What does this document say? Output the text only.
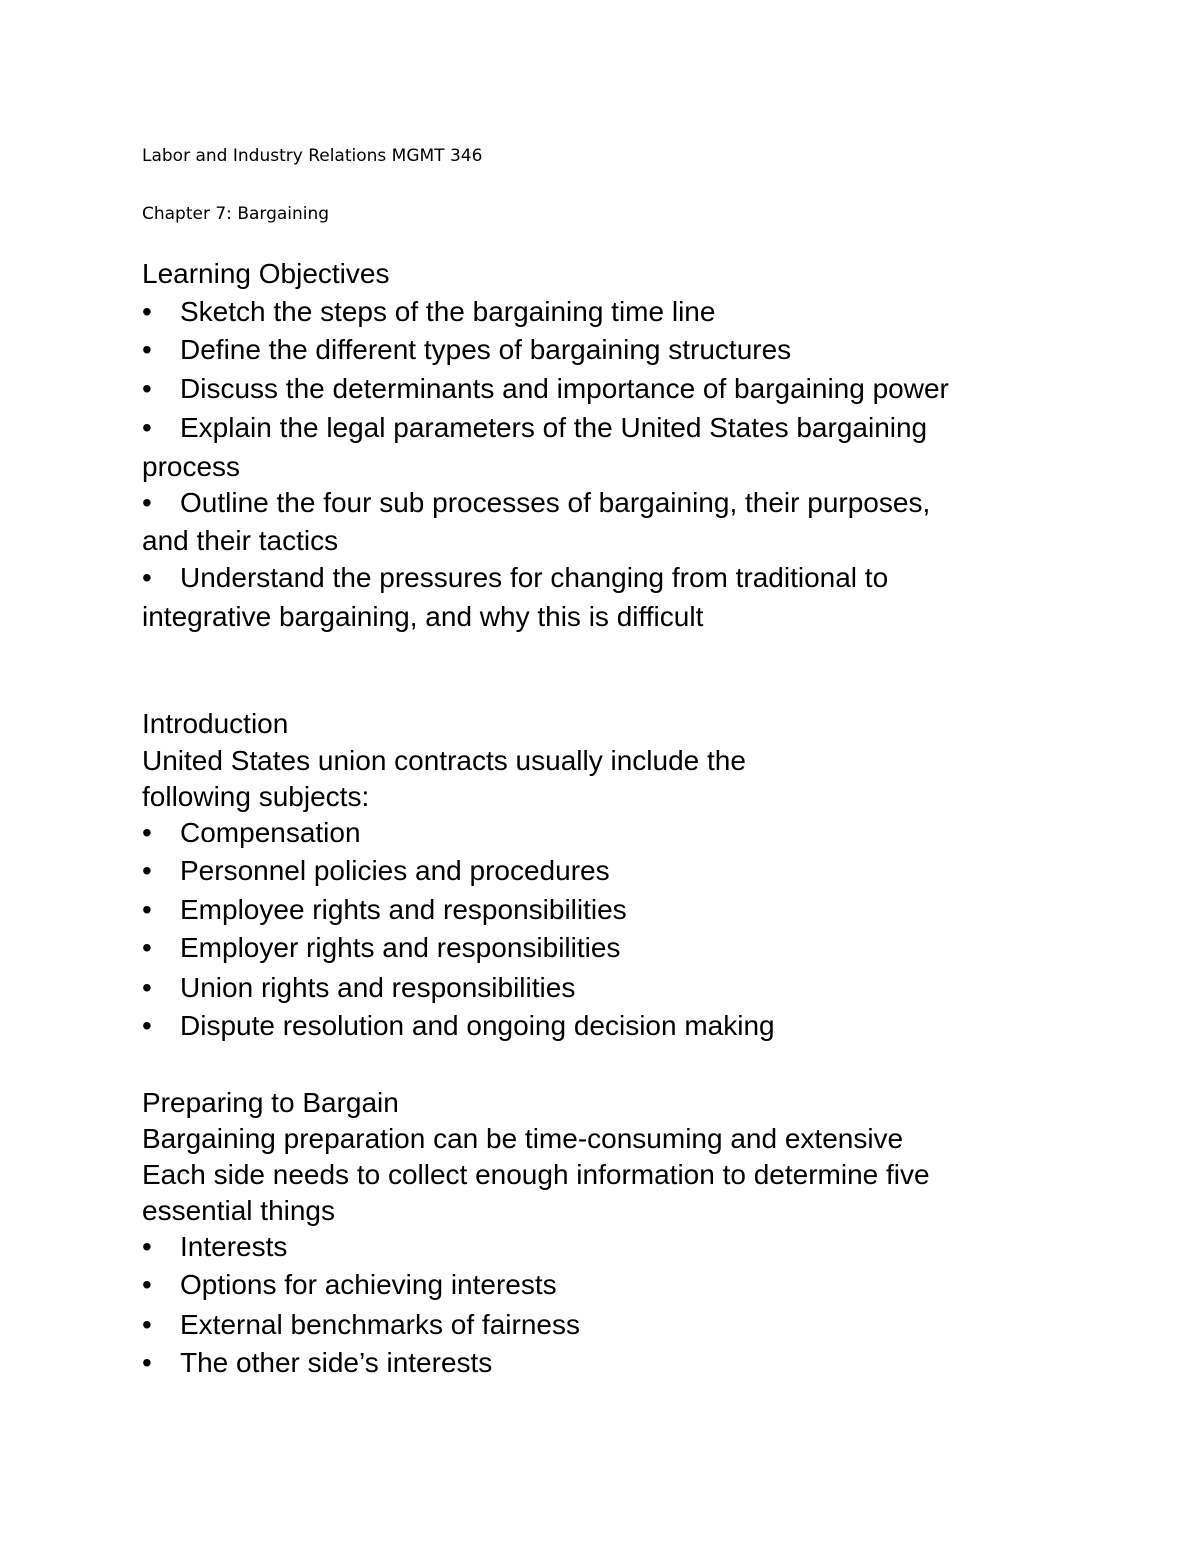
Labor and Industry Relations MGMT 346
Chapter 7: Bargaining
Learning Objectives
•	Sketch the steps of the bargaining time line
•	Define the different types of bargaining structures
•	Discuss the determinants and importance of bargaining power
•	Explain the legal parameters of the United States bargaining
process
•	Outline the four sub processes of bargaining, their purposes,
and their tactics
•	Understand the pressures for changing from traditional to
integrative bargaining, and why this is difficult
Introduction
United States union contracts usually include the
following subjects:
•	Compensation
•	Personnel policies and procedures
•	Employee rights and responsibilities
•	Employer rights and responsibilities
•	Union rights and responsibilities
•	Dispute resolution and ongoing decision making
Preparing to Bargain
Bargaining preparation can be time-consuming and extensive
Each side needs to collect enough information to determine five
essential things
•	Interests
•	Options for achieving interests
•	External benchmarks of fairness
•	The other side’s interests
